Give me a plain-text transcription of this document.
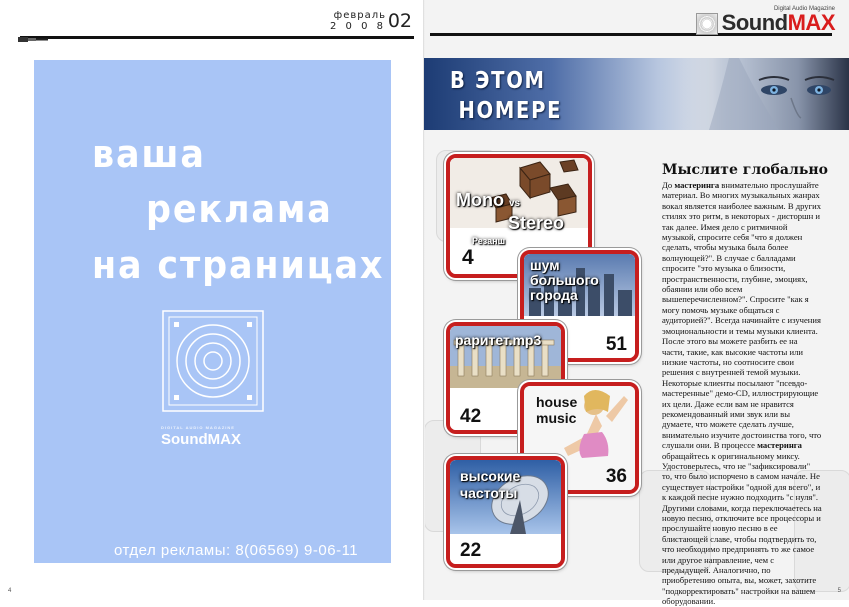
февраль
2 0 0 8 02
ваша
реклама
на страницах
DIGITAL AUDIO MAGAZINE
SoundMAX
отдел рекламы: 8(06569) 9-06-11
4
Digital Audio Magazine
SoundMAX
5
В ЭТОМ
НОМЕРЕ
Mono vs
Stereo
Резанш
4	шум
большого
города
51
раритет.mp3
42
house
music
36
высокие
частоты
22
Мыслите глобально

До мастеринга внимательно прослушайте материал. Во многих музыкальных жанрах вокал является наиболее важным. В других стилях это ритм, в некоторых - дисторшн и так далее. Имея дело с ритмичной музыкой, спросите себя "что я должен сделать, чтобы музыка была более волнующей?". В случае с балладами спросите "это музыка о близости, пространственности, глубине, эмоциях, обаянии или обо всем вышеперечисленном?". Спросите "как я могу помочь музыке общаться с аудиторией?". Всегда начинайте с изучения эмоциональности и темы музыки клиента. После этого вы можете разбить ее на части, такие, как высокие частоты или низкие частоты, но соотносите свои решения с внутренней темой музыки. Некоторые клиенты посылают "псевдо-мастеренные" демо-CD, иллюстрирующие их цели. Даже если вам не нравится рекомендованный ими звук или вы думаете, что можете сделать лучше, внимательно изучите достоинства того, что слушали они. В процессе мастеринга обращайтесь к оригинальному миксу. Удостоверьтесь, что не "зафиксировали" то, что было испорчено в самом начале. Не существует настройки "одной для всего", и к каждой песне нужно подходить "с нуля". Другими словами, когда переключаетесь на новую песню, отключите все процессоры и прослушайте новую песню в ее блистающей славе, чтобы подтвердить то, что необходимо предпринять то же самое или другое направление, чем с предыдущей. Аналогично, по приобретению опыта, вы, может, захотите "подкорректировать" настройки на вашем оборудовании.
